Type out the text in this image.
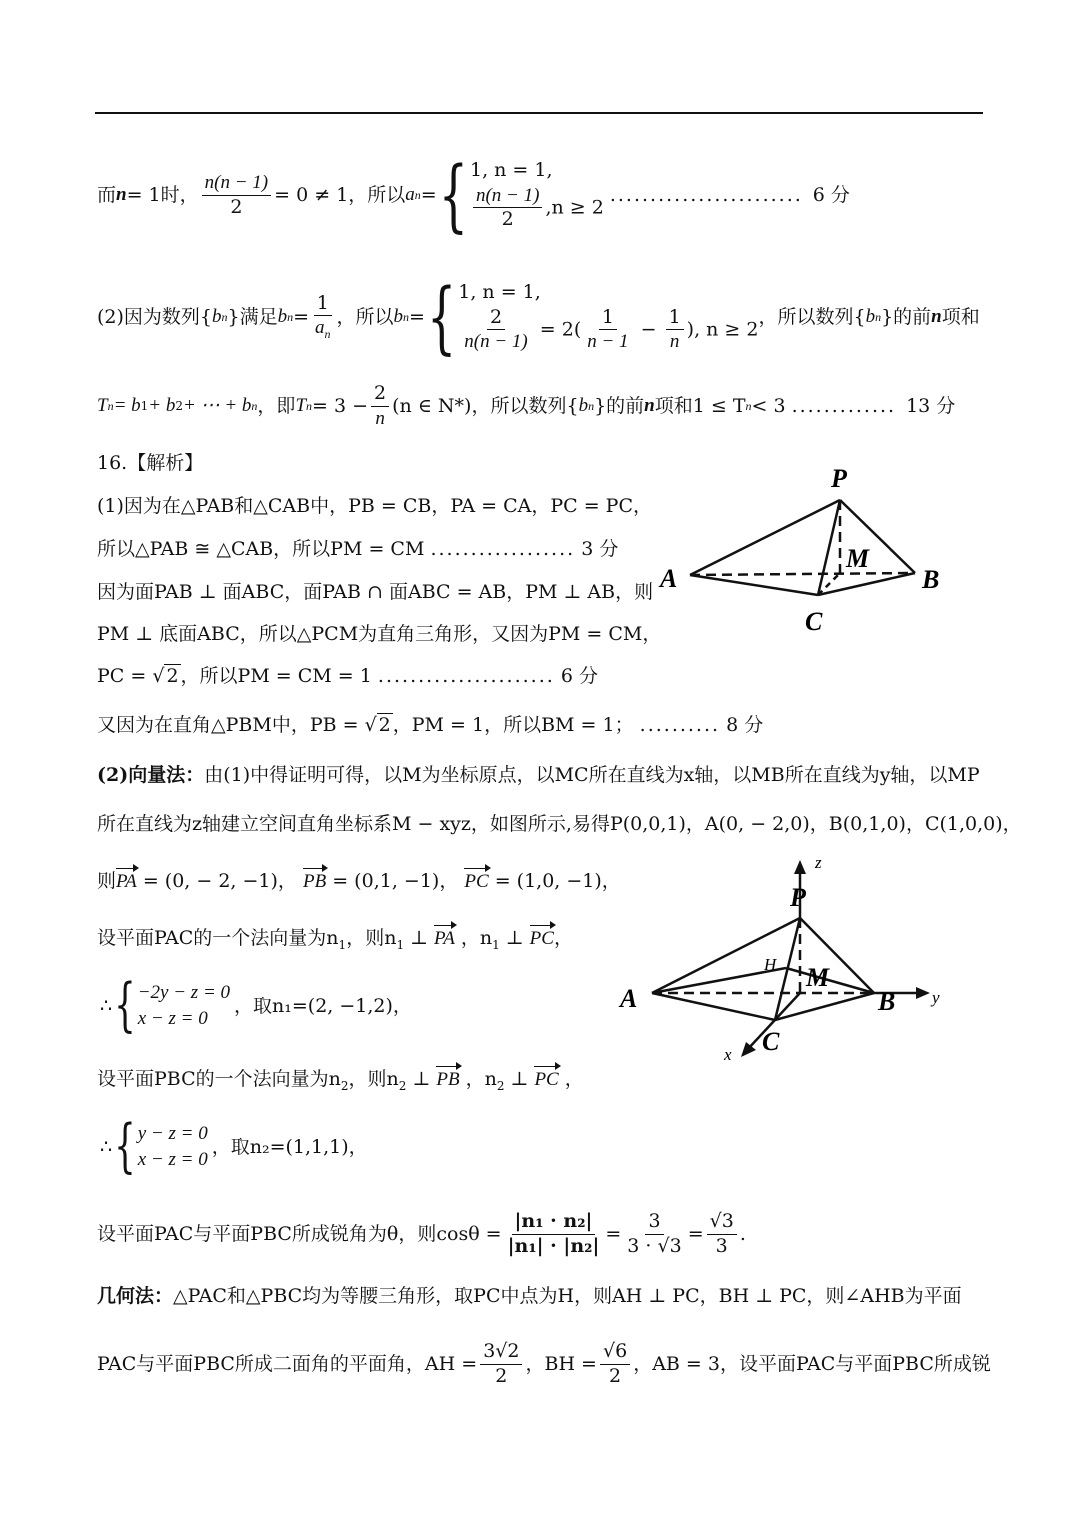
而 n = 1时， $\frac{n(n - 1)}{2} = 0 \ne 1$，所以 a n = { 1, n = 1,
$\frac{n(n - 1)}{2} ,n \ge 2$
........................ 6 分
(2)因为数列{ b n }满足 b $n = \frac{1}{a_n}$ ，所以 b n = { 1, n = 1,
$\frac{2}{n(n - 1)} = 2( \frac{1}{n - 1} - \frac{1}{n}$ ), n ≥ 2
，所以数列{ b n }的前 n 项和
T n = b 1 + b 2 + ⋯ + b n ，即 T $n = 3 - \frac{2}{n} (n$ ∈ N*) ，所以数列{ b n }的前 n 项和1 ≤ T n < 3 ............. 13 分
16.【解析】
(1)因为在△PAB和△CAB中，PB = CB，PA = CA，PC = PC，
所以△PAB ≅ △CAB，所以PM = CM .................. 3 分
因为面PAB ⊥ 面ABC，面PAB ∩ 面ABC = AB，PM ⊥ AB，则
PM ⊥ 底面ABC，所以△PCM为直角三角形，又因为PM = CM，
PC = √ 2 ，所以PM = CM = 1 ...................... 6 分
又因为在直角△PBM中，PB = √ 2 ，PM = 1，所以BM = 1； .......... 8 分
(2)向量法：由(1)中得证明可得，以M为坐标原点，以MC所在直线为x轴，以MB所在直线为y轴，以MP
所在直线为z轴建立空间直角坐标系M − xyz，如图所示,易得P(0,0,1)，A(0, − 2,0)，B(0,1,0)，C(1,0,0)，
则PA = (0, − 2, −1)， PB = (0,1, −1)， PC = (1,0, −1)，
设平面PAC的一个法向量为$n_1$，则$n_1$ ⊥ PA ，$n_1$ ⊥ PC，
∴ { −2y − z = 0
x − z = 0
，取n₁=(2, −1,2)，
设平面PBC的一个法向量为$n_2$，则$n_2$ ⊥ PB ，$n_2$ ⊥ PC ，
∴ { y − z = 0
x − z = 0
，取n₂=(1,1,1)，
设平面PAC与平面PBC所成锐角为θ，则$\cos\theta = \frac{\text{|n₁ · n₂|}}{\text{|n₁| · |n₂|}} = \frac{3}{3 \cdot √3} = \frac{√3}{3}$ .
几何法：△PAC和△PBC均为等腰三角形，取PC中点为H，则AH ⊥ PC，BH ⊥ PC，则∠AHB为平面
PAC与平面PBC所成二面角的平面角，AH = $\frac{3√2}{2}$ ，BH = $\frac{√6}{2}$ ，AB = 3，设平面PAC与平面PBC所成锐
P
M
A	B
C
z
P
H M
A	B y
x C
